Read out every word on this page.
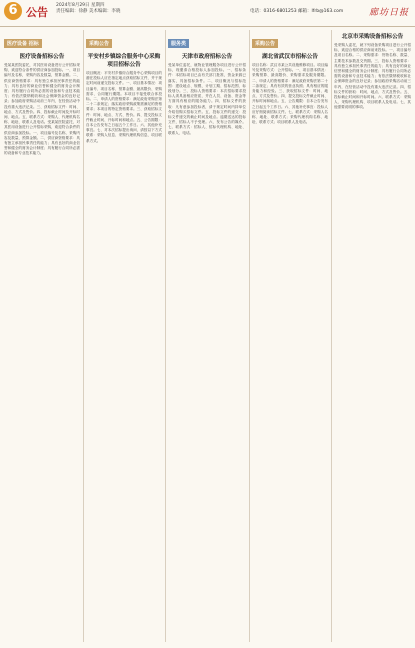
6 公告
2024年8月29日 星期四
责任编辑：徐静 美术编辑：李晓	电话：0316-6801253 邮箱：lfrb@163.com	廊坊日报
医疗设备 招标
医疗设备招标公告
受某某医院委托，对其医用设备进行公开招标采购，欢迎符合条件的供应商参加投标。一、项目编号及名称，采购内容及数量，预算金额。二、供应商资格要求：具有独立承担民事责任的能力；具有良好的商业信誉和健全的财务会计制度；具有履行合同所必需的设备和专业技术能力；有依法缴纳税收和社会保障资金的良好记录；参加政府采购活动前三年内，在经营活动中没有重大违法记录。三、获取招标文件：时间、地点、方式及售价。四、投标截止时间及开标时间、地点。五、联系方式：采购人、代理机构名称、地址、联系人及电话。受某某医院委托，对其医用设备进行公开招标采购，欢迎符合条件的供应商参加投标。一、项目编号及名称，采购内容及数量，预算金额。二、供应商资格要求：具有独立承担民事责任的能力；具有良好的商业信誉和健全的财务会计制度；具有履行合同所必需的设备和专业技术能力。
采购公告
平安村乡镇综合服务中心采购项目招标公告
项目概况：平安村乡镇综合服务中心采购项目的潜在投标人应在指定地点获取招标文件，并于规定时间前递交投标文件。一、项目基本情况：项目编号、项目名称、预算金额、最高限价、采购需求、合同履行期限。本项目不接受联合体投标。二、申请人的资格要求：满足政府采购法第二十二条规定；落实政府采购政策需满足的资格要求；本项目的特定资格要求。三、获取招标文件：时间、地点、方式、售价。四、提交投标文件截止时间、开标时间和地点。五、公告期限：自本公告发布之日起五个工作日。六、其他补充事宜。七、对本次招标提出询问，请按以下方式联系：采购人信息、采购代理机构信息、项目联系方式。
服务类
天津市政府招标公告
受某单位委托，就物业管理服务项目进行公开招标，现邀请合格投标人参加投标。一、招标条件：本招标项目已由有关部门批准，资金来源已落实，具备招标条件。二、项目概况与招标范围：建设地点、规模、计划工期、招标范围、标段划分。三、投标人资格要求：本次招标要求投标人须具备相应资质，并在人员、设备、资金等方面具有相应的服务能力。四、招标文件的获取：凡有意参加投标者，请于规定时间内持单位介绍信购买招标文件。五、投标文件的递交：投标文件递交的截止时间及地点。逾期送达的投标文件，招标人不予受理。六、发布公告的媒介。七、联系方式：招标人、招标代理机构、地址、联系人、电话。
采购公告
湖北省武汉市招标公告
项目名称：武汉市某公共设施维修项目。项目编号及采购方式：公开招标。一、项目基本情况：采购预算、最高限价、采购需求及服务期限。二、申请人的资格要求：满足政府采购法第二十二条规定；具有有效的营业执照；具有相应的服务能力和经验。三、获取招标文件：时间、地点、方式及售价。四、提交投标文件截止时间、开标时间和地点。五、公告期限：自本公告发布之日起五个工作日。六、其他补充事宜：投标人应仔细阅读招标文件。七、联系方式：采购人名称、地址、联系方式；采购代理机构名称、地址、联系方式；项目联系人及电话。
北京市采购设备招标公告
受采购人委托，就下列设备采购项目进行公开招标，欢迎合格的供应商前来投标。一、项目编号及项目名称。二、采购需求：货物名称、数量、主要技术参数及交货期。三、投标人资格要求：具有独立承担民事责任的能力；具有良好的商业信誉和健全的财务会计制度；具有履行合同所必需的设备和专业技术能力；有依法缴纳税收和社会保障资金的良好记录；参加政府采购活动前三年内，在经营活动中没有重大违法记录。四、招标文件的获取：时间、地点、方式及售价。五、投标截止时间和开标时间。六、联系方式：采购人、采购代理机构、项目联系人及电话。七、其他需要说明的事项。
